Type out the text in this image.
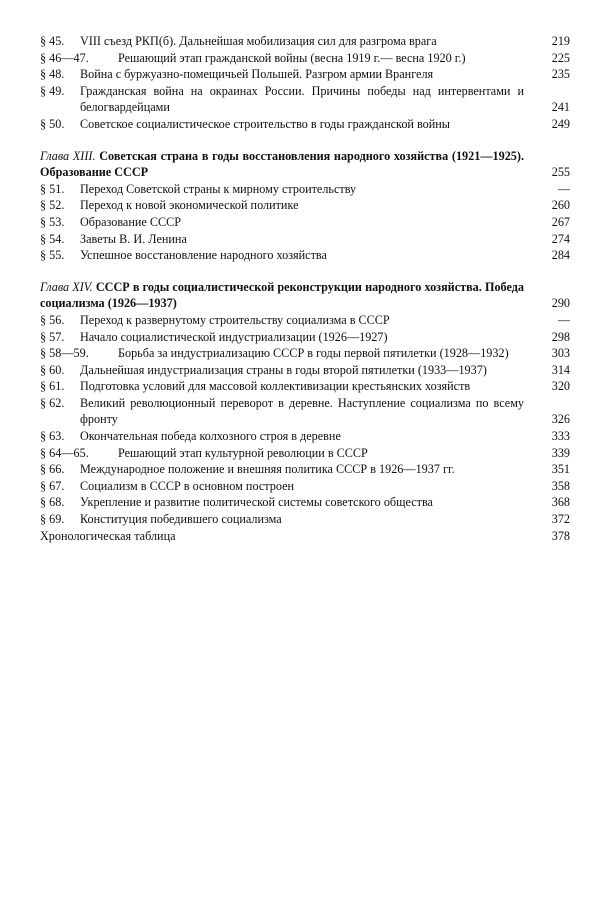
§ 45.	VIII съезд РКП(б). Дальнейшая мобилизация сил для разгрома врага	219
§ 46—47.	Решающий этап гражданской войны (весна 1919 г.— весна 1920 г.)	225
§ 48.	Война с буржуазно-помещичьей Польшей. Разгром армии Врангеля	235
§ 49.	Гражданская война на окраинах России. Причины победы над интервентами и белогвардейцами	241
§ 50.	Советское социалистическое строительство в годы гражданской войны	249
Глава XIII. Советская страна в годы восстановления народного хозяйства (1921—1925). Образование СССР	255
§ 51.	Переход Советской страны к мирному строительству	—
§ 52.	Переход к новой экономической политике	260
§ 53.	Образование СССР	267
§ 54.	Заветы В. И. Ленина	274
§ 55.	Успешное восстановление народного хозяйства	284
Глава XIV. СССР в годы социалистической реконструкции народного хозяйства. Победа социализма (1926—1937)	290
§ 56.	Переход к развернутому строительству социализма в СССР	—
§ 57.	Начало социалистической индустриализации (1926—1927)	298
§ 58—59.	Борьба за индустриализацию СССР в годы первой пятилетки (1928—1932)	303
§ 60.	Дальнейшая индустриализация страны в годы второй пятилетки (1933—1937)	314
§ 61.	Подготовка условий для массовой коллективизации крестьянских хозяйств	320
§ 62.	Великий революционный переворот в деревне. Наступление социализма по всему фронту	326
§ 63.	Окончательная победа колхозного строя в деревне	333
§ 64—65.	Решающий этап культурной революции в СССР	339
§ 66.	Международное положение и внешняя политика СССР в 1926—1937 гг.	351
§ 67.	Социализм в СССР в основном построен	358
§ 68.	Укрепление и развитие политической системы советского общества	368
§ 69.	Конституция победившего социализма	372
Хронологическая таблица	378
